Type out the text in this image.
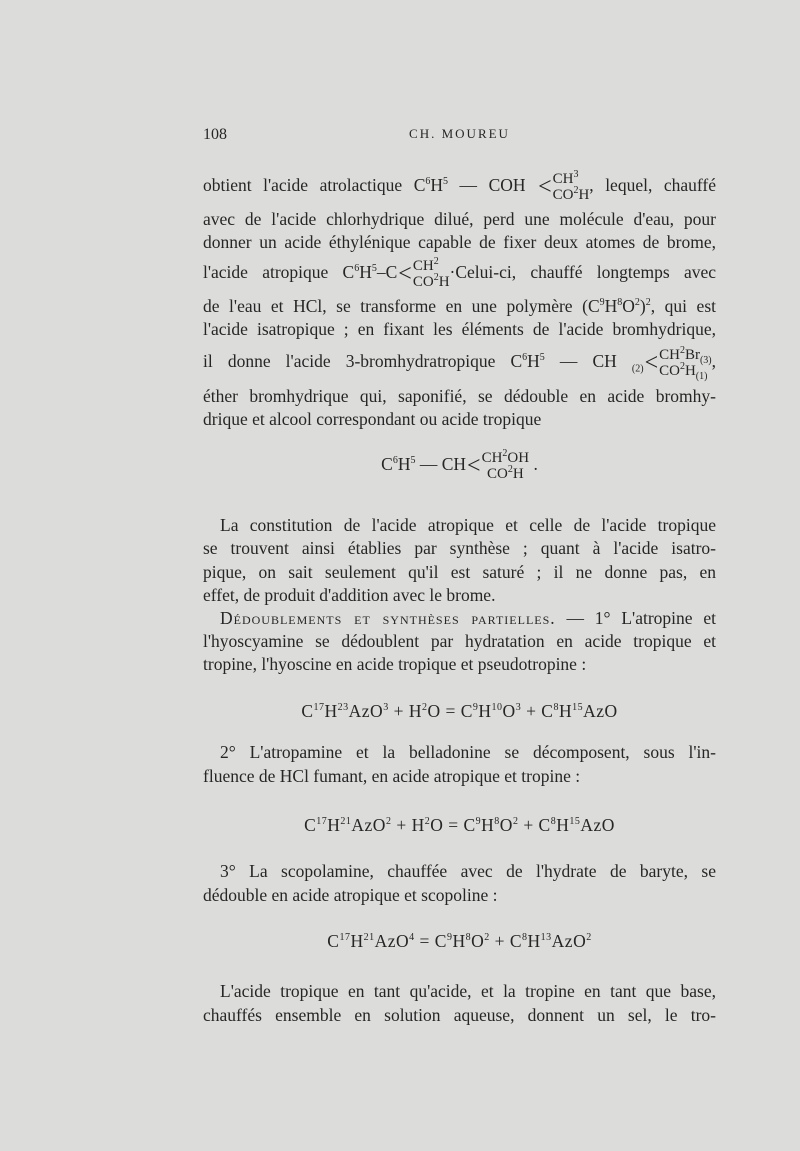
108	CH. MOUREU
obtient l'acide atrolactique $C^6H^5$ — COH < $CH^3$
$CO^2H$ , lequel, chauffé
avec de l'acide chlorhydrique dilué, perd une molécule d'eau, pour
donner un acide éthylénique capable de fixer deux atomes de brome,
l'acide atropique $C^6H^5-C< CH^2$
$CO^2H$ ·Celui-ci, chauffé longtemps avec
de l'eau et HCl, se transforme en une polymère $(C^9H^8O^2)^2$, qui est
l'acide isatropique ; en fixant les éléments de l'acide bromhydrique,
il donne l'acide 3-bromhydratropique $C^6H^5$ — CH $_{(2)}< CH^2Br_{(3)}$
$CO^2H_{(1)}$
,
éther bromhydrique qui, saponifié, se dédouble en acide bromhy-
drique et alcool correspondant ou acide tropique
$C^6H^5$ — $CH< CH^2OH$
$CO^2H$ .
La constitution de l'acide atropique et celle de l'acide tropique
se trouvent ainsi établies par synthèse ; quant à l'acide isatro-
pique, on sait seulement qu'il est saturé ; il ne donne pas, en
effet, de produit d'addition avec le brome.
Dédoublements et synthèses partielles. — 1° L'atropine et
l'hyoscyamine se dédoublent par hydratation en acide tropique et
tropine, l'hyoscine en acide tropique et pseudotropine :
$C^{17}H^{23}AzO^3 + H^2O = C^9H^{10}O^3 + C^8H^{15}AzO$
2° L'atropamine et la belladonine se décomposent, sous l'in-
fluence de HCl fumant, en acide atropique et tropine :
$C^{17}H^{21}AzO^2 + H^2O = C^9H^8O^2 + C^8H^{15}AzO$
3° La scopolamine, chauffée avec de l'hydrate de baryte, se
dédouble en acide atropique et scopoline :
$C^{17}H^{21}AzO^4 = C^9H^8O^2 + C^8H^{13}AzO^2$
L'acide tropique en tant qu'acide, et la tropine en tant que base,
chauffés ensemble en solution aqueuse, donnent un sel, le tro-
